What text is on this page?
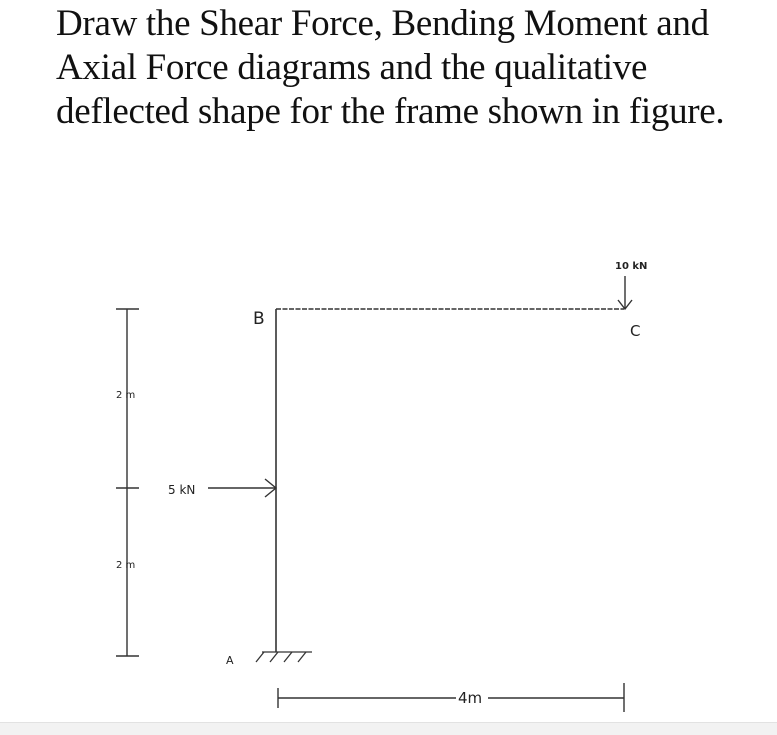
Draw the Shear Force, Bending Moment and
Axial Force diagrams and the qualitative
deflected shape for the frame shown in figure.
2 m
2 m
A
B
10 kN
C
5 kN
4m
